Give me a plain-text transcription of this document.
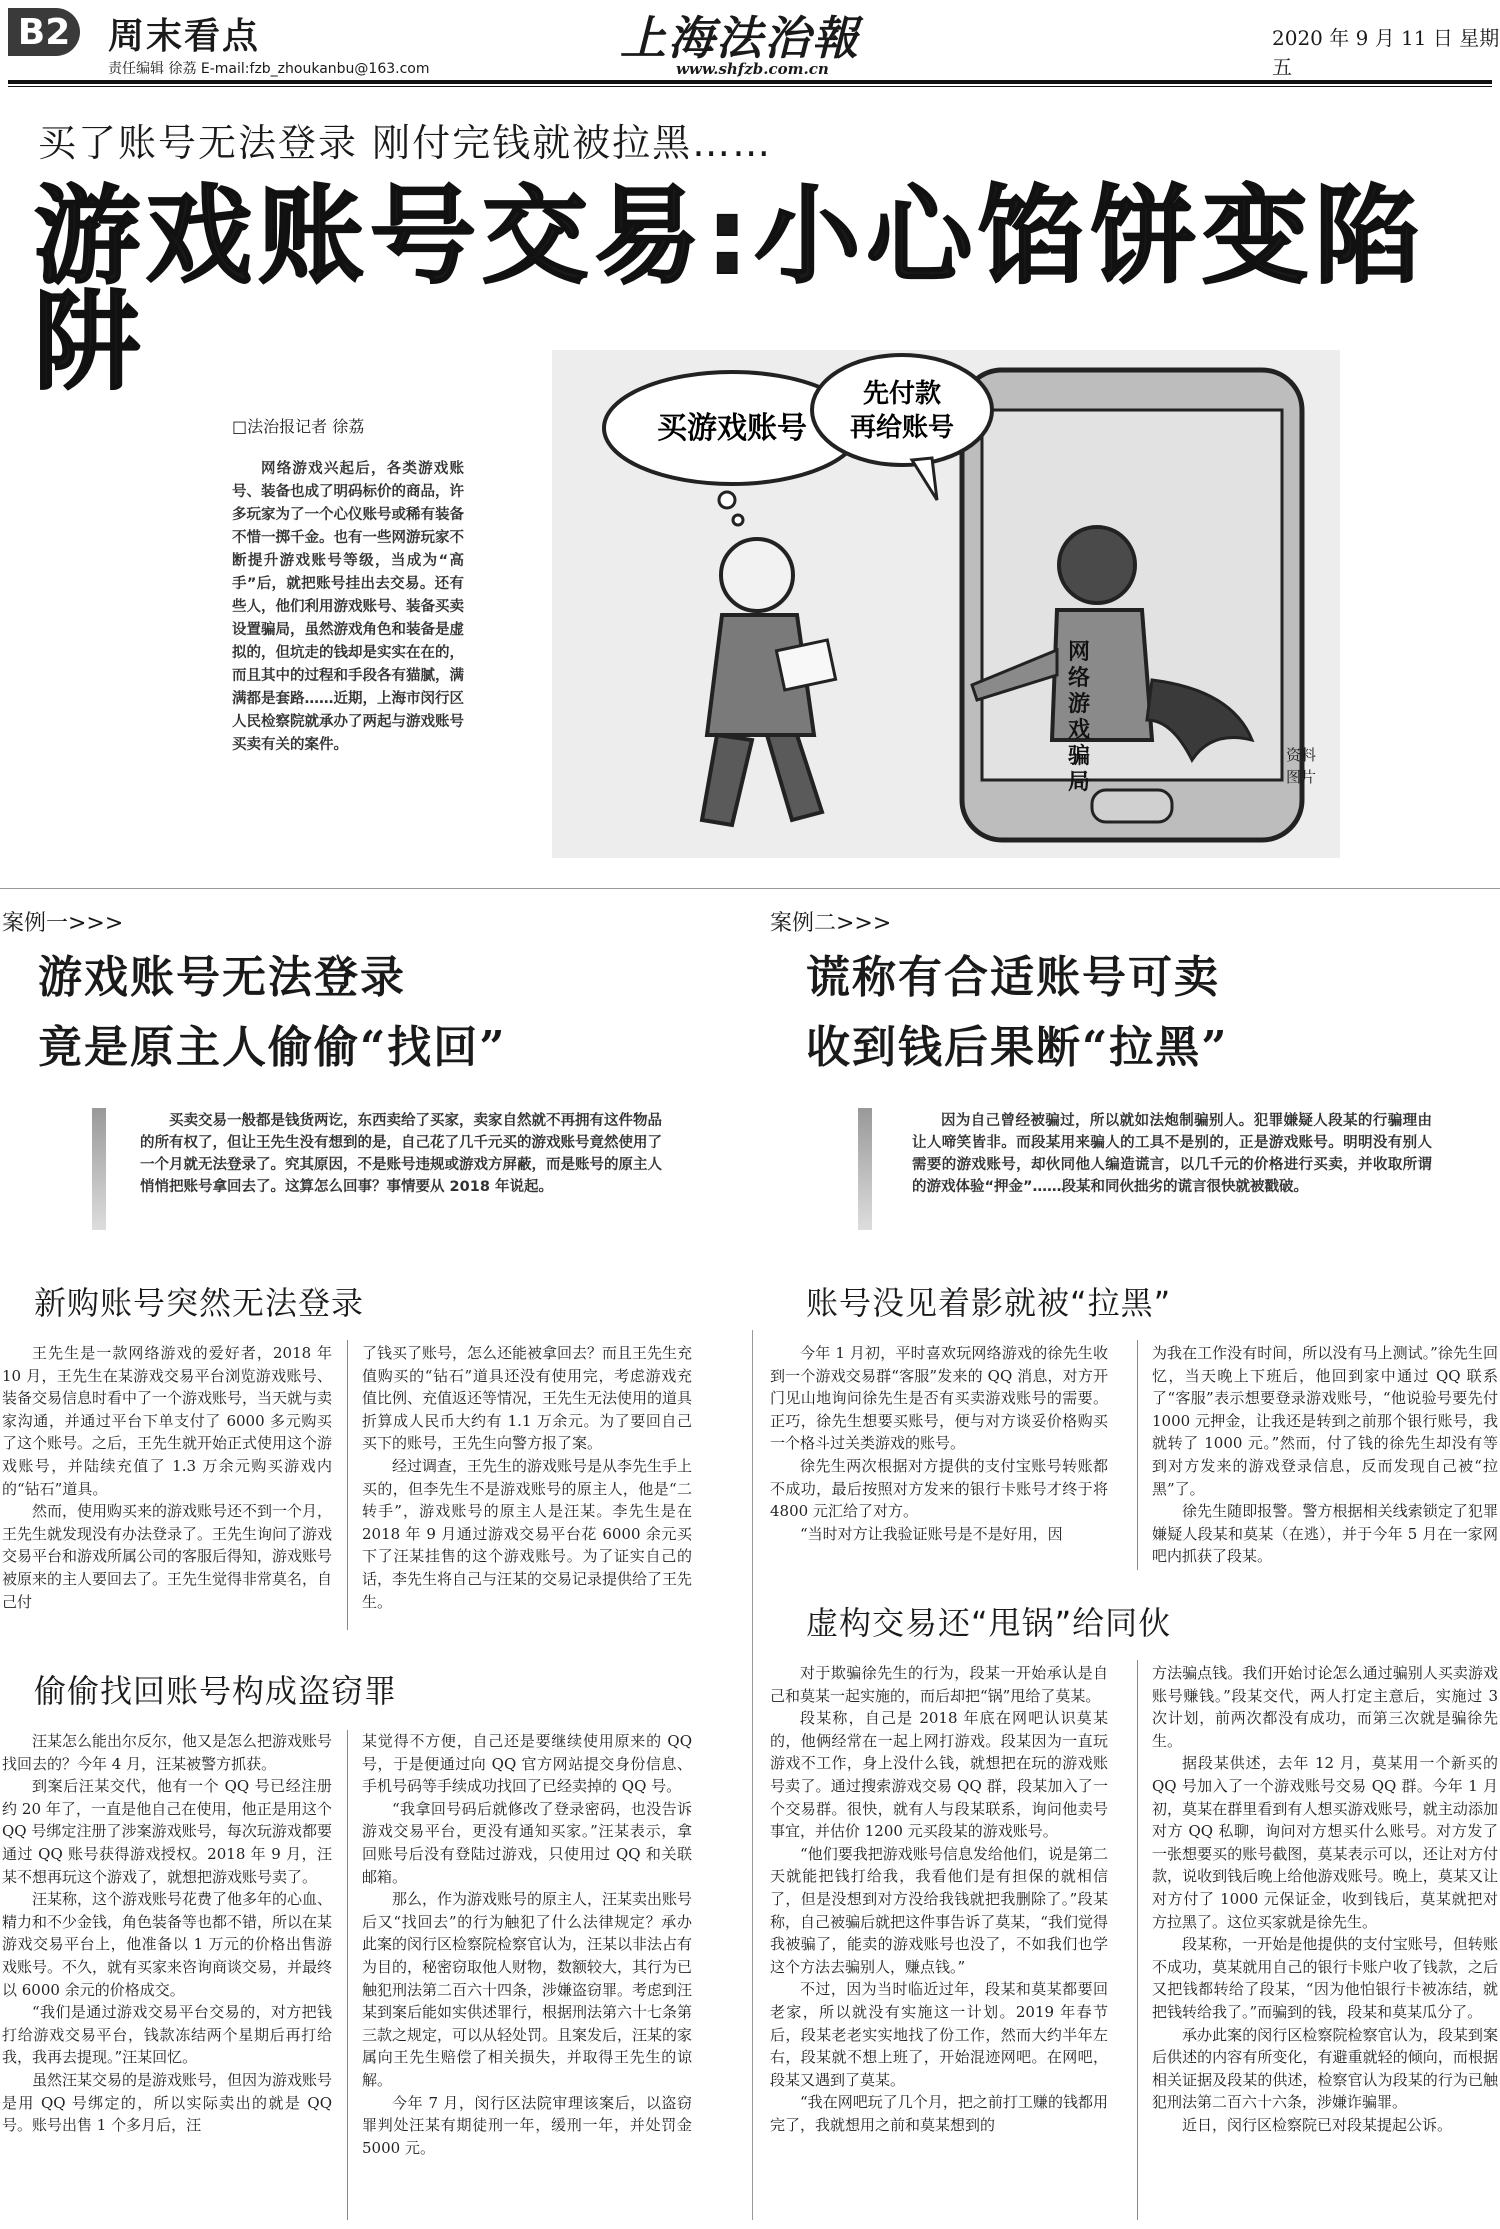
B2 周末看点
责任编辑 徐荔 E-mail:fzb_zhoukanbu@163.com
上海法治報
www.shfzb.com.cn
2020 年 9 月 11 日 星期五
买了账号无法登录 刚付完钱就被拉黑……
游戏账号交易:小心馅饼变陷阱
□法治报记者 徐荔
网络游戏兴起后，各类游戏账号、装备也成了明码标价的商品，许多玩家为了一个心仪账号或稀有装备不惜一掷千金。也有一些网游玩家不断提升游戏账号等级，当成为“高手”后，就把账号挂出去交易。还有些人，他们利用游戏账号、装备买卖设置骗局，虽然游戏角色和装备是虚拟的，但坑走的钱却是实实在在的，而且其中的过程和手段各有猫腻，满满都是套路……近期，上海市闵行区人民检察院就承办了两起与游戏账号买卖有关的案件。
买游戏账号
先付款
再给账号
网络游戏骗局
资料图片
案例一>>>
游戏账号无法登录
竟是原主人偷偷“找回”
买卖交易一般都是钱货两讫，东西卖给了买家，卖家自然就不再拥有这件物品的所有权了，但让王先生没有想到的是，自己花了几千元买的游戏账号竟然使用了一个月就无法登录了。究其原因，不是账号违规或游戏方屏蔽，而是账号的原主人悄悄把账号拿回去了。这算怎么回事？事情要从 2018 年说起。
新购账号突然无法登录

王先生是一款网络游戏的爱好者，2018 年 10 月，王先生在某游戏交易平台浏览游戏账号、装备交易信息时看中了一个游戏账号，当天就与卖家沟通，并通过平台下单支付了 6000 多元购买了这个账号。之后，王先生就开始正式使用这个游戏账号，并陆续充值了 1.3 万余元购买游戏内的“钻石”道具。

然而，使用购买来的游戏账号还不到一个月，王先生就发现没有办法登录了。王先生询问了游戏交易平台和游戏所属公司的客服后得知，游戏账号被原来的主人要回去了。王先生觉得非常莫名，自己付

了钱买了账号，怎么还能被拿回去？而且王先生充值购买的“钻石”道具还没有使用完，考虑游戏充值比例、充值返还等情况，王先生无法使用的道具折算成人民币大约有 1.1 万余元。为了要回自己买下的账号，王先生向警方报了案。

经过调查，王先生的游戏账号是从李先生手上买的，但李先生不是游戏账号的原主人，他是“二转手”，游戏账号的原主人是汪某。李先生是在 2018 年 9 月通过游戏交易平台花 6000 余元买下了汪某挂售的这个游戏账号。为了证实自己的话，李先生将自己与汪某的交易记录提供给了王先生。

偷偷找回账号构成盗窃罪

汪某怎么能出尔反尔，他又是怎么把游戏账号找回去的？今年 4 月，汪某被警方抓获。

到案后汪某交代，他有一个 QQ 号已经注册约 20 年了，一直是他自己在使用，他正是用这个 QQ 号绑定注册了涉案游戏账号，每次玩游戏都要通过 QQ 账号获得游戏授权。2018 年 9 月，汪某不想再玩这个游戏了，就想把游戏账号卖了。

汪某称，这个游戏账号花费了他多年的心血、精力和不少金钱，角色装备等也都不错，所以在某游戏交易平台上，他准备以 1 万元的价格出售游戏账号。不久，就有买家来咨询商谈交易，并最终以 6000 余元的价格成交。

“我们是通过游戏交易平台交易的，对方把钱打给游戏交易平台，钱款冻结两个星期后再打给我，我再去提现。”汪某回忆。

虽然汪某交易的是游戏账号，但因为游戏账号是用 QQ 号绑定的，所以实际卖出的就是 QQ 号。账号出售 1 个多月后，汪

某觉得不方便，自己还是要继续使用原来的 QQ 号，于是便通过向 QQ 官方网站提交身份信息、手机号码等手续成功找回了已经卖掉的 QQ 号。

“我拿回号码后就修改了登录密码，也没告诉游戏交易平台，更没有通知买家。”汪某表示，拿回账号后没有登陆过游戏，只使用过 QQ 和关联邮箱。

那么，作为游戏账号的原主人，汪某卖出账号后又“找回去”的行为触犯了什么法律规定？承办此案的闵行区检察院检察官认为，汪某以非法占有为目的，秘密窃取他人财物，数额较大，其行为已触犯刑法第二百六十四条，涉嫌盗窃罪。考虑到汪某到案后能如实供述罪行，根据刑法第六十七条第三款之规定，可以从轻处罚。且案发后，汪某的家属向王先生赔偿了相关损失，并取得王先生的谅解。

今年 7 月，闵行区法院审理该案后，以盗窃罪判处汪某有期徒刑一年，缓刑一年，并处罚金 5000 元。

案例二>>>
谎称有合适账号可卖
收到钱后果断“拉黑”
因为自己曾经被骗过，所以就如法炮制骗别人。犯罪嫌疑人段某的行骗理由让人啼笑皆非。而段某用来骗人的工具不是别的，正是游戏账号。明明没有别人需要的游戏账号，却伙同他人编造谎言，以几千元的价格进行买卖，并收取所谓的游戏体验“押金”……段某和同伙拙劣的谎言很快就被戳破。
账号没见着影就被“拉黑”

今年 1 月初，平时喜欢玩网络游戏的徐先生收到一个游戏交易群“客服”发来的 QQ 消息，对方开门见山地询问徐先生是否有买卖游戏账号的需要。正巧，徐先生想要买账号，便与对方谈妥价格购买一个格斗过关类游戏的账号。

徐先生两次根据对方提供的支付宝账号转账都不成功，最后按照对方发来的银行卡账号才终于将 4800 元汇给了对方。

“当时对方让我验证账号是不是好用，因

为我在工作没有时间，所以没有马上测试。”徐先生回忆，当天晚上下班后，他回到家中通过 QQ 联系了“客服”表示想要登录游戏账号，“他说验号要先付 1000 元押金，让我还是转到之前那个银行账号，我就转了 1000 元。”然而，付了钱的徐先生却没有等到对方发来的游戏登录信息，反而发现自己被“拉黑”了。

徐先生随即报警。警方根据相关线索锁定了犯罪嫌疑人段某和莫某（在逃），并于今年 5 月在一家网吧内抓获了段某。

虚构交易还“甩锅”给同伙

对于欺骗徐先生的行为，段某一开始承认是自己和莫某一起实施的，而后却把“锅”甩给了莫某。

段某称，自己是 2018 年底在网吧认识莫某的，他俩经常在一起上网打游戏。段某因为一直玩游戏不工作，身上没什么钱，就想把在玩的游戏账号卖了。通过搜索游戏交易 QQ 群，段某加入了一个交易群。很快，就有人与段某联系，询问他卖号事宜，并估价 1200 元买段某的游戏账号。

“他们要我把游戏账号信息发给他们，说是第二天就能把钱打给我，我看他们是有担保的就相信了，但是没想到对方没给我钱就把我删除了。”段某称，自己被骗后就把这件事告诉了莫某，“我们觉得我被骗了，能卖的游戏账号也没了，不如我们也学这个方法去骗别人，赚点钱。”

不过，因为当时临近过年，段某和莫某都要回老家，所以就没有实施这一计划。2019 年春节后，段某老老实实地找了份工作，然而大约半年左右，段某就不想上班了，开始混迹网吧。在网吧，段某又遇到了莫某。

“我在网吧玩了几个月，把之前打工赚的钱都用完了，我就想用之前和莫某想到的

方法骗点钱。我们开始讨论怎么通过骗别人买卖游戏账号赚钱。”段某交代，两人打定主意后，实施过 3 次计划，前两次都没有成功，而第三次就是骗徐先生。

据段某供述，去年 12 月，莫某用一个新买的 QQ 号加入了一个游戏账号交易 QQ 群。今年 1 月初，莫某在群里看到有人想买游戏账号，就主动添加对方 QQ 私聊，询问对方想买什么账号。对方发了一张想要买的账号截图，莫某表示可以，还让对方付款，说收到钱后晚上给他游戏账号。晚上，莫某又让对方付了 1000 元保证金，收到钱后，莫某就把对方拉黑了。这位买家就是徐先生。

段某称，一开始是他提供的支付宝账号，但转账不成功，莫某就用自己的银行卡账户收了钱款，之后又把钱都转给了段某，“因为他怕银行卡被冻结，就把钱转给我了。”而骗到的钱，段某和莫某瓜分了。

承办此案的闵行区检察院检察官认为，段某到案后供述的内容有所变化，有避重就轻的倾向，而根据相关证据及段某的供述，检察官认为段某的行为已触犯刑法第二百六十六条，涉嫌诈骗罪。

近日，闵行区检察院已对段某提起公诉。
